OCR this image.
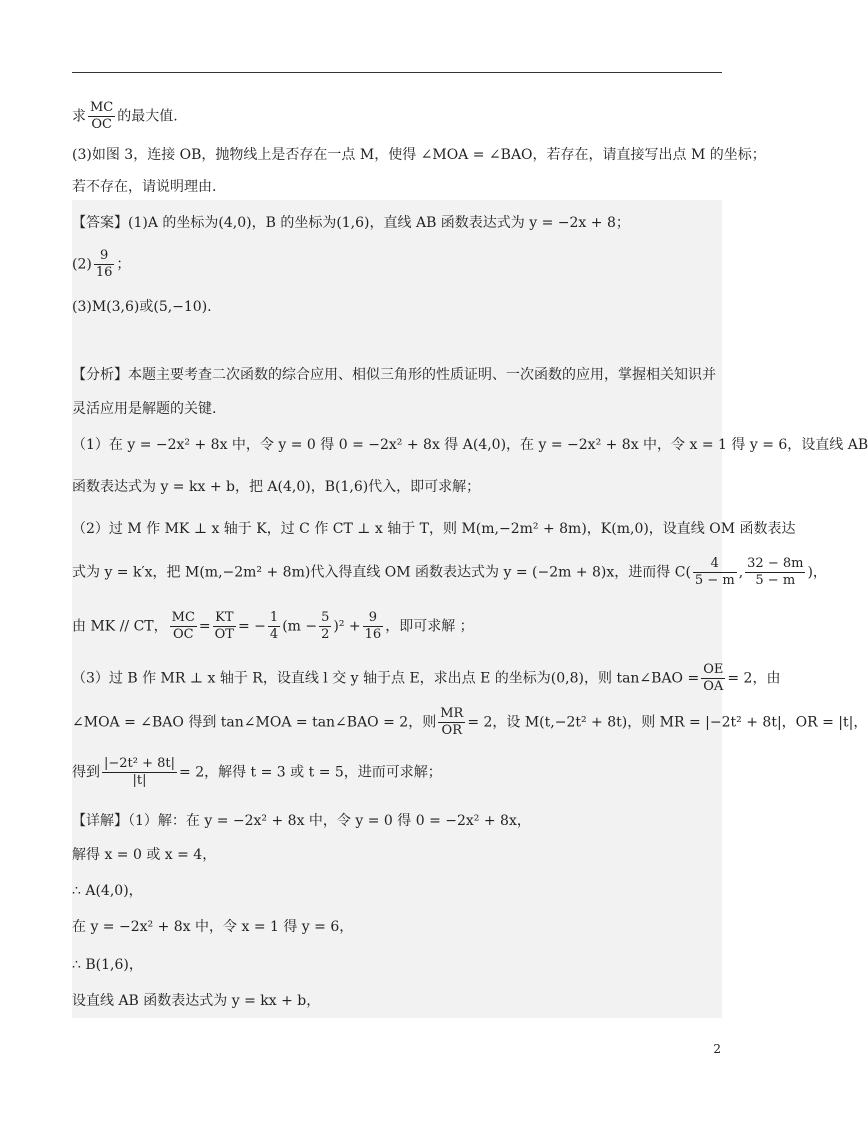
求 $\frac{MC}{OC}$ 的最大值.
(3)如图 3，连接 OB，抛物线上是否存在一点 M，使得 ∠MOA = ∠BAO，若存在，请直接写出点 M 的坐标；
若不存在，请说明理由.
【答案】(1)A 的坐标为(4,0)，B 的坐标为(1,6)，直线 AB 函数表达式为 y = −2x + 8；
$(2) \frac{9}{16}$ ；
(3)M(3,6)或(5,−10).
【分析】本题主要考查二次函数的综合应用、相似三角形的性质证明、一次函数的应用，掌握相关知识并
灵活应用是解题的关键.
（1）在 y = −2x² + 8x 中，令 y = 0 得 0 = −2x² + 8x 得 A(4,0)，在 y = −2x² + 8x 中，令 x = 1 得 y = 6，设直线 AB
函数表达式为 y = kx + b，把 A(4,0)，B(1,6)代入，即可求解；
（2）过 M 作 MK ⊥ x 轴于 K，过 C 作 CT ⊥ x 轴于 T，则 M(m,−2m² + 8m)，K(m,0)，设直线 OM 函数表达
式为 y = k′x，把 M(m,−2m² + 8m)代入得直线 OM 函数表达式为 y = (−2m + 8)x，进而得 $C( \frac{4}{5 - m}$ , $\frac{32 - 8m}{5 - m}$ )，
由 MK // CT， $\frac{MC}{OC} = \frac{KT}{OT}$ = − $\frac{1}{4} (m - \frac{5}{2} )^2 + \frac{9}{16}$ ，即可求解 ；
（3）过 B 作 MR ⊥ x 轴于 R，设直线 l 交 y 轴于点 E，求出点 E 的坐标为(0,8)，则 tan∠BAO = $\frac{OE}{OA} = 2$，由
∠MOA = ∠BAO 得到 tan∠MOA = tan∠BAO = 2，则 $\frac{MR}{OR} = 2$，设 M(t,−2t² + 8t)，则 MR = |−2t² + 8t|，OR = |t|，
得到 $\frac{\text{|−2t² + 8t|}}{|t|} = 2$，解得 t = 3 或 t = 5，进而可求解；
【详解】（1）解：在 y = −2x² + 8x 中，令 y = 0 得 0 = −2x² + 8x，
解得 x = 0 或 x = 4，
∴ A(4,0)，
在 y = −2x² + 8x 中，令 x = 1 得 y = 6，
∴ B(1,6)，
设直线 AB 函数表达式为 y = kx + b，
2
